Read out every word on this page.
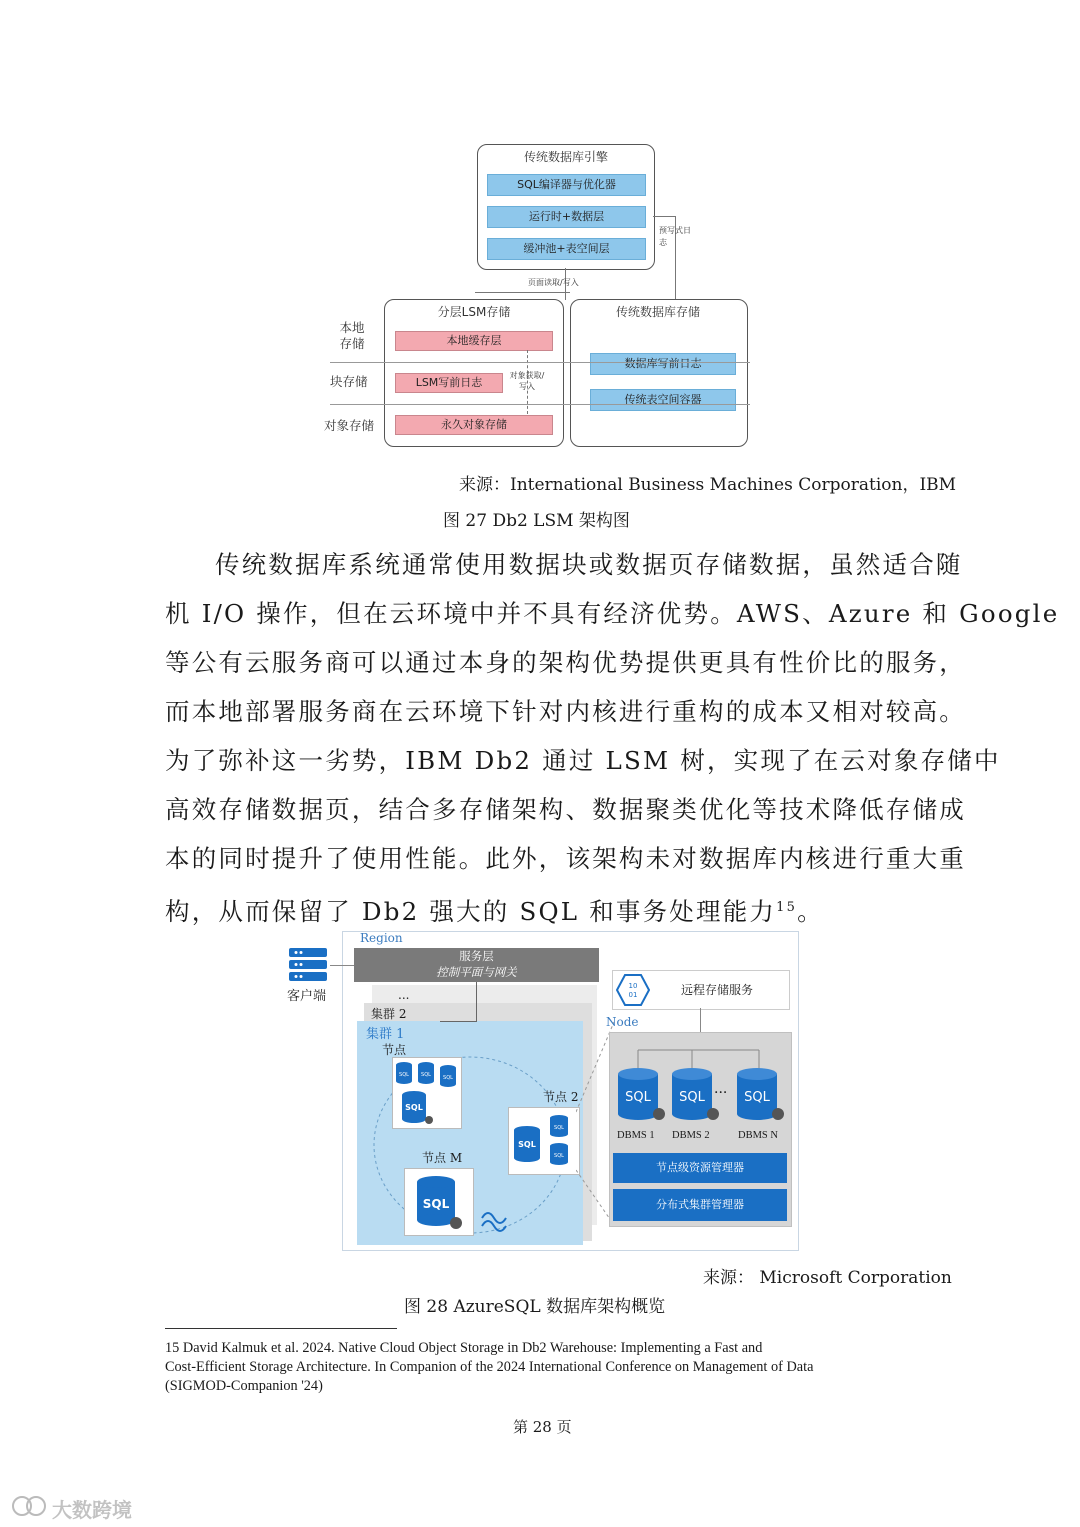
传统数据库引擎
SQL编译器与优化器
运行时+数据层
缓冲池+表空间层
预写式日志
页面读取/写入
分层LSM存储
本地缓存层
LSM写前日志
永久对象存储
对象获取/写入
传统数据库存储
数据库写前日志
传统表空间容器
本地
存储
块存储
对象存储
来源：International Business Machines Corporation，IBM
图 27 Db2 LSM 架构图

传统数据库系统通常使用数据块或数据页存储数据，虽然适合随

机 I/O 操作，但在云环境中并不具有经济优势。AWS、Azure 和 Google

等公有云服务商可以通过本身的架构优势提供更具有性价比的服务，

而本地部署服务商在云环境下针对内核进行重构的成本又相对较高。

为了弥补这一劣势，IBM Db2 通过 LSM 树，实现了在云对象存储中

高效存储数据页，结合多存储架构、数据聚类优化等技术降低存储成

本的同时提升了使用性能。此外，该架构未对数据库内核进行重大重

构，从而保留了 Db2 强大的 SQL 和事务处理能力$^{15}$。

Region
客户端
服务层
控制平面与网关
...
集群 2
集群 1
节点
SQL SQL SQL
SQL
节点 2
SQL
SQL
SQL
节点 M
SQL
10
01	远程存储服务
Node
SQL SQL ··· SQL
DBMS 1 DBMS 2	DBMS N
节点级资源管理器
分布式集群管理器
来源： Microsoft Corporation
图 28 AzureSQL 数据库架构概览

15 David Kalmuk et al. 2024. Native Cloud Object Storage in Db2 Warehouse: Implementing a Fast and

Cost-Efficient Storage Architecture. In Companion of the 2024 International Conference on Management of Data

(SIGMOD-Companion '24)

第 28 页
大数跨境
